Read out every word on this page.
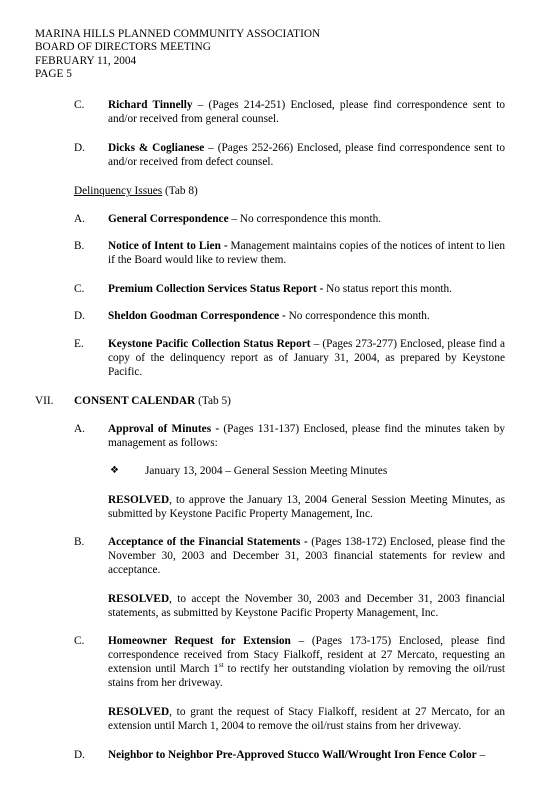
MARINA HILLS PLANNED COMMUNITY ASSOCIATION
BOARD OF DIRECTORS MEETING
FEBRUARY 11, 2004
PAGE 5
C. Richard Tinnelly – (Pages 214-251) Enclosed, please find correspondence sent to and/or received from general counsel.
D. Dicks & Coglianese – (Pages 252-266) Enclosed, please find correspondence sent to and/or received from defect counsel.
Delinquency Issues (Tab 8)
A. General Correspondence – No correspondence this month.
B. Notice of Intent to Lien - Management maintains copies of the notices of intent to lien if the Board would like to review them.
C. Premium Collection Services Status Report - No status report this month.
D. Sheldon Goodman Correspondence - No correspondence this month.
E. Keystone Pacific Collection Status Report – (Pages 273-277) Enclosed, please find a copy of the delinquency report as of January 31, 2004, as prepared by Keystone Pacific.
VII. CONSENT CALENDAR (Tab 5)
A. Approval of Minutes - (Pages 131-137) Enclosed, please find the minutes taken by management as follows:
❖ January 13, 2004 – General Session Meeting Minutes
RESOLVED, to approve the January 13, 2004 General Session Meeting Minutes, as submitted by Keystone Pacific Property Management, Inc.
B. Acceptance of the Financial Statements - (Pages 138-172) Enclosed, please find the November 30, 2003 and December 31, 2003 financial statements for review and acceptance.
RESOLVED, to accept the November 30, 2003 and December 31, 2003 financial statements, as submitted by Keystone Pacific Property Management, Inc.
C. Homeowner Request for Extension – (Pages 173-175) Enclosed, please find correspondence received from Stacy Fialkoff, resident at 27 Mercato, requesting an extension until March 1st to rectify her outstanding violation by removing the oil/rust stains from her driveway.
RESOLVED, to grant the request of Stacy Fialkoff, resident at 27 Mercato, for an extension until March 1, 2004 to remove the oil/rust stains from her driveway.
D. Neighbor to Neighbor Pre-Approved Stucco Wall/Wrought Iron Fence Color –
